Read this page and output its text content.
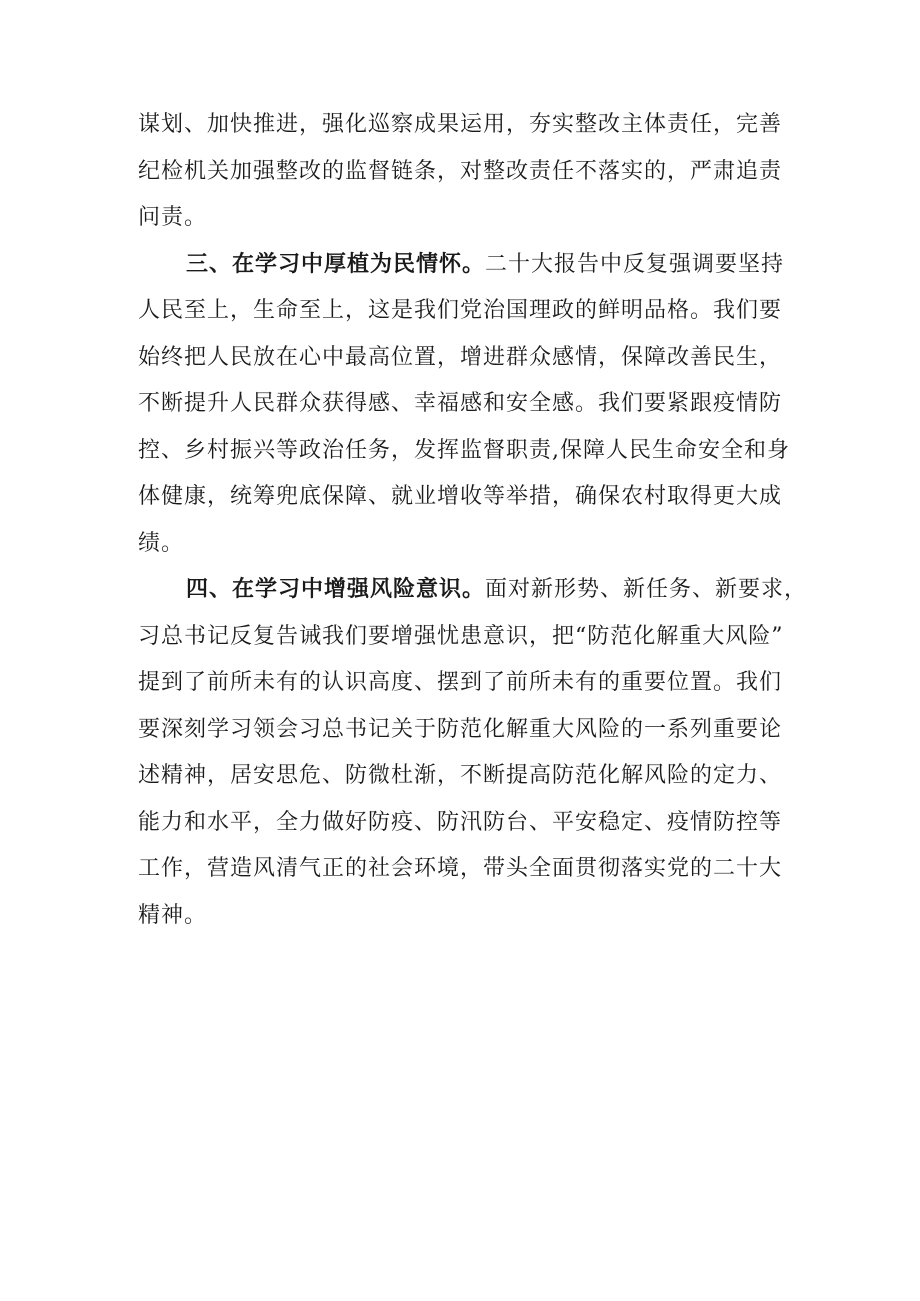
谋划、加快推进，强化巡察成果运用，夯实整改主体责任，完善
纪检机关加强整改的监督链条，对整改责任不落实的，严肃追责
问责。
三、在学习中厚植为民情怀。二十大报告中反复强调要坚持
人民至上，生命至上，这是我们党治国理政的鲜明品格。我们要
始终把人民放在心中最高位置，增进群众感情，保障改善民生，
不断提升人民群众获得感、幸福感和安全感。我们要紧跟疫情防
控、乡村振兴等政治任务，发挥监督职责,保障人民生命安全和身
体健康，统筹兜底保障、就业增收等举措，确保农村取得更大成
绩。
四、在学习中增强风险意识。面对新形势、新任务、新要求，
习总书记反复告诫我们要增强忧患意识，把“防范化解重大风险”
提到了前所未有的认识高度、摆到了前所未有的重要位置。我们
要深刻学习领会习总书记关于防范化解重大风险的一系列重要论
述精神，居安思危、防微杜渐，不断提高防范化解风险的定力、
能力和水平，全力做好防疫、防汛防台、平安稳定、疫情防控等
工作，营造风清气正的社会环境，带头全面贯彻落实党的二十大
精神。
